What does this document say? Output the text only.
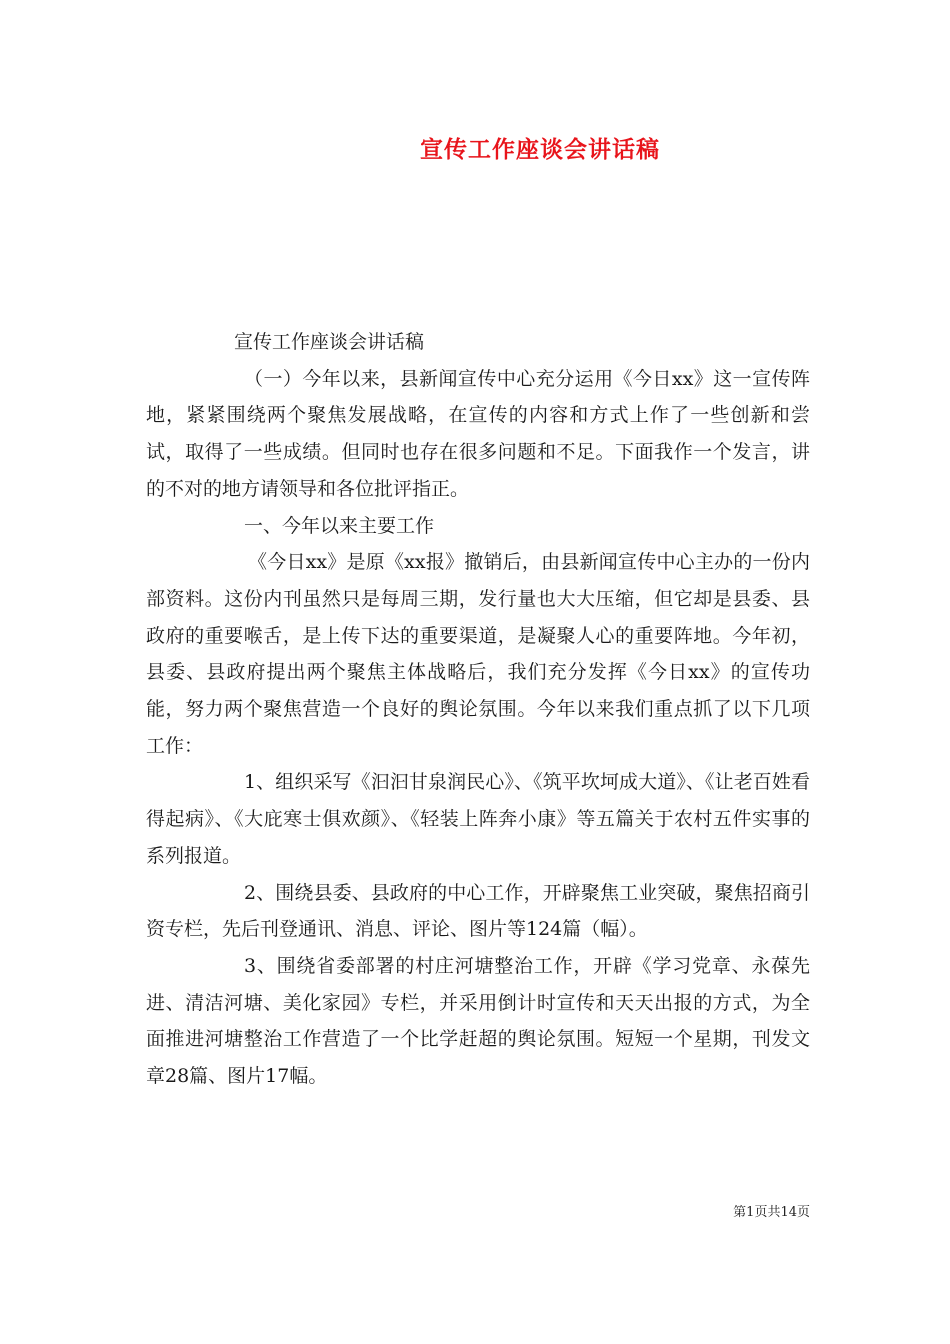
宣传工作座谈会讲话稿

宣传工作座谈会讲话稿

（一）今年以来，县新闻宣传中心充分运用《今日xx》这一宣传阵地，紧紧围绕两个聚焦发展战略，在宣传的内容和方式上作了一些创新和尝试，取得了一些成绩。但同时也存在很多问题和不足。下面我作一个发言，讲的不对的地方请领导和各位批评指正。

一、今年以来主要工作

《今日xx》是原《xx报》撤销后，由县新闻宣传中心主办的一份内部资料。这份内刊虽然只是每周三期，发行量也大大压缩，但它却是县委、县政府的重要喉舌，是上传下达的重要渠道，是凝聚人心的重要阵地。今年初，县委、县政府提出两个聚焦主体战略后，我们充分发挥《今日xx》的宣传功能，努力两个聚焦营造一个良好的舆论氛围。今年以来我们重点抓了以下几项工作：

1、组织采写《汩汩甘泉润民心》、《筑平坎坷成大道》、《让老百姓看得起病》、《大庇寒士俱欢颜》、《轻装上阵奔小康》等五篇关于农村五件实事的系列报道。

2、围绕县委、县政府的中心工作，开辟聚焦工业突破，聚焦招商引资专栏，先后刊登通讯、消息、评论、图片等124篇（幅）。

3、围绕省委部署的村庄河塘整治工作，开辟《学习党章、永葆先进、清洁河塘、美化家园》专栏，并采用倒计时宣传和天天出报的方式，为全面推进河塘整治工作营造了一个比学赶超的舆论氛围。短短一个星期，刊发文章28篇、图片17幅。

第1页共14页
